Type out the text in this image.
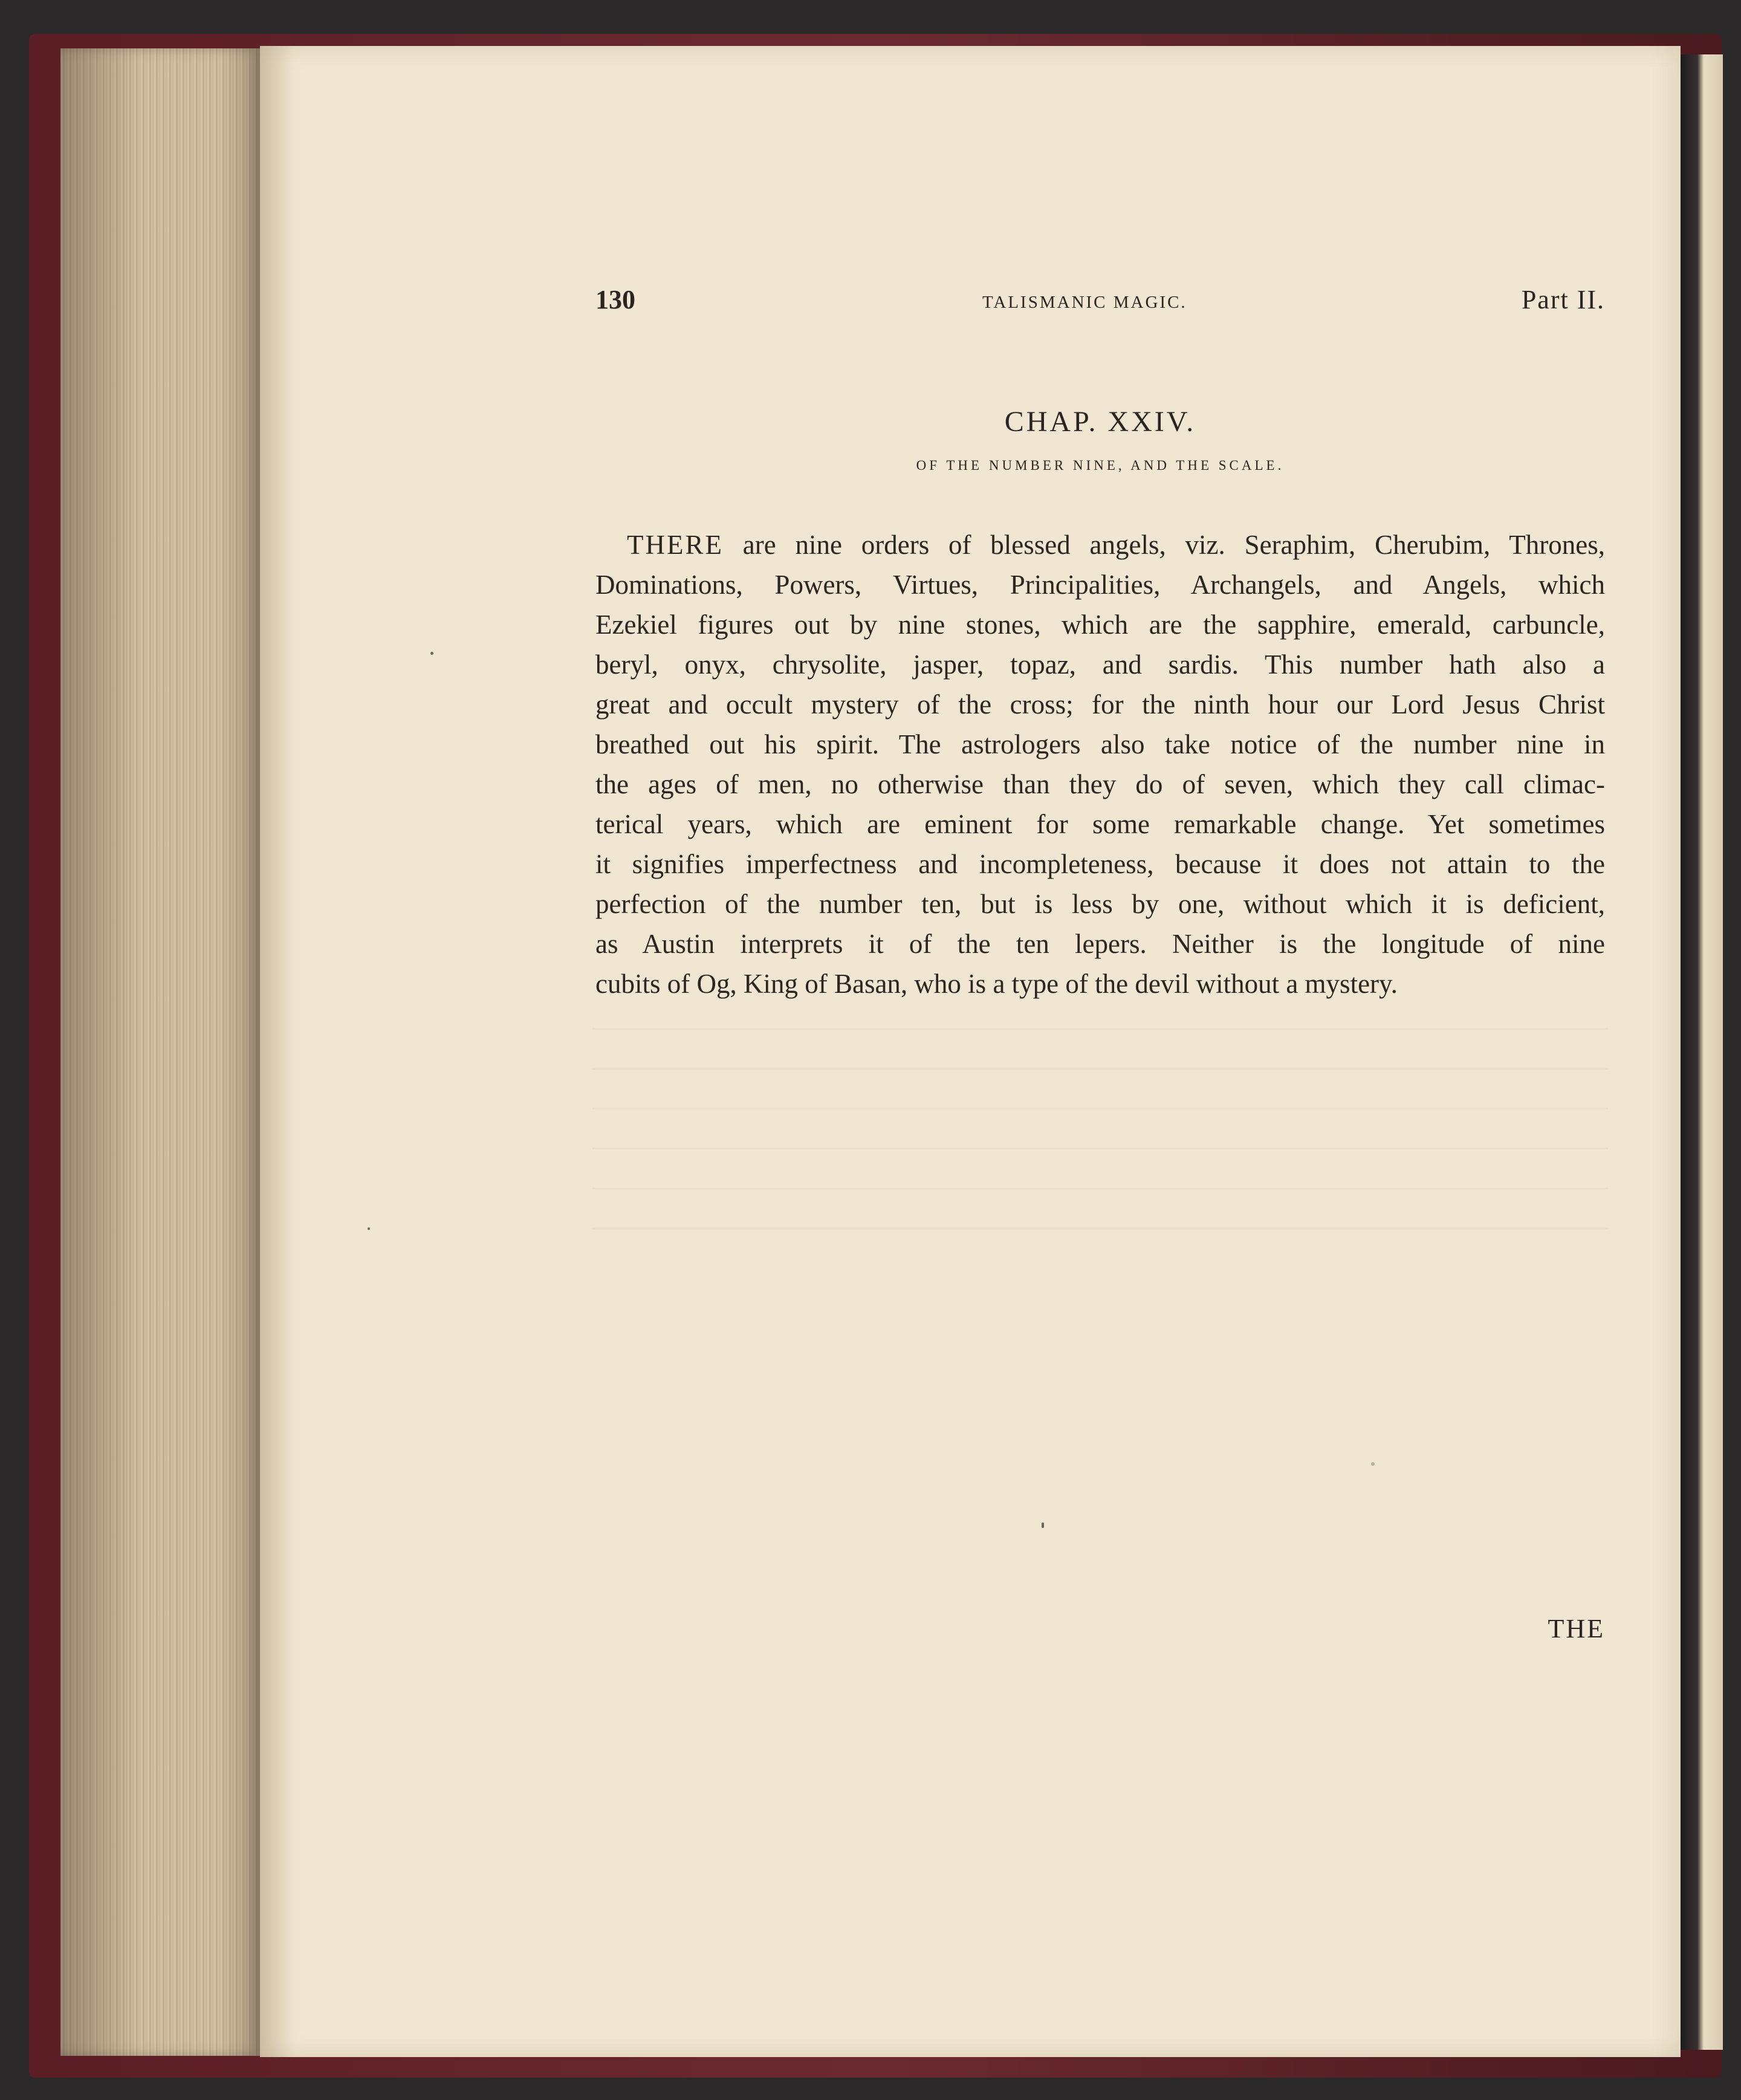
130	TALISMANIC MAGIC.	Part II.
CHAP. XXIV.
OF THE NUMBER NINE, AND THE SCALE.
THERE are nine orders of blessed angels, viz. Seraphim, Cherubim, Thrones,
Dominations, Powers, Virtues, Principalities, Archangels, and Angels, which
Ezekiel figures out by nine stones, which are the sapphire, emerald, carbuncle,
beryl, onyx, chrysolite, jasper, topaz, and sardis. This number hath also a
great and occult mystery of the cross; for the ninth hour our Lord Jesus Christ
breathed out his spirit. The astrologers also take notice of the number nine in
the ages of men, no otherwise than they do of seven, which they call climac-
terical years, which are eminent for some remarkable change. Yet sometimes
it signifies imperfectness and incompleteness, because it does not attain to the
perfection of the number ten, but is less by one, without which it is deficient,
as Austin interprets it of the ten lepers. Neither is the longitude of nine
cubits of Og, King of Basan, who is a type of the devil without a mystery.
THE
